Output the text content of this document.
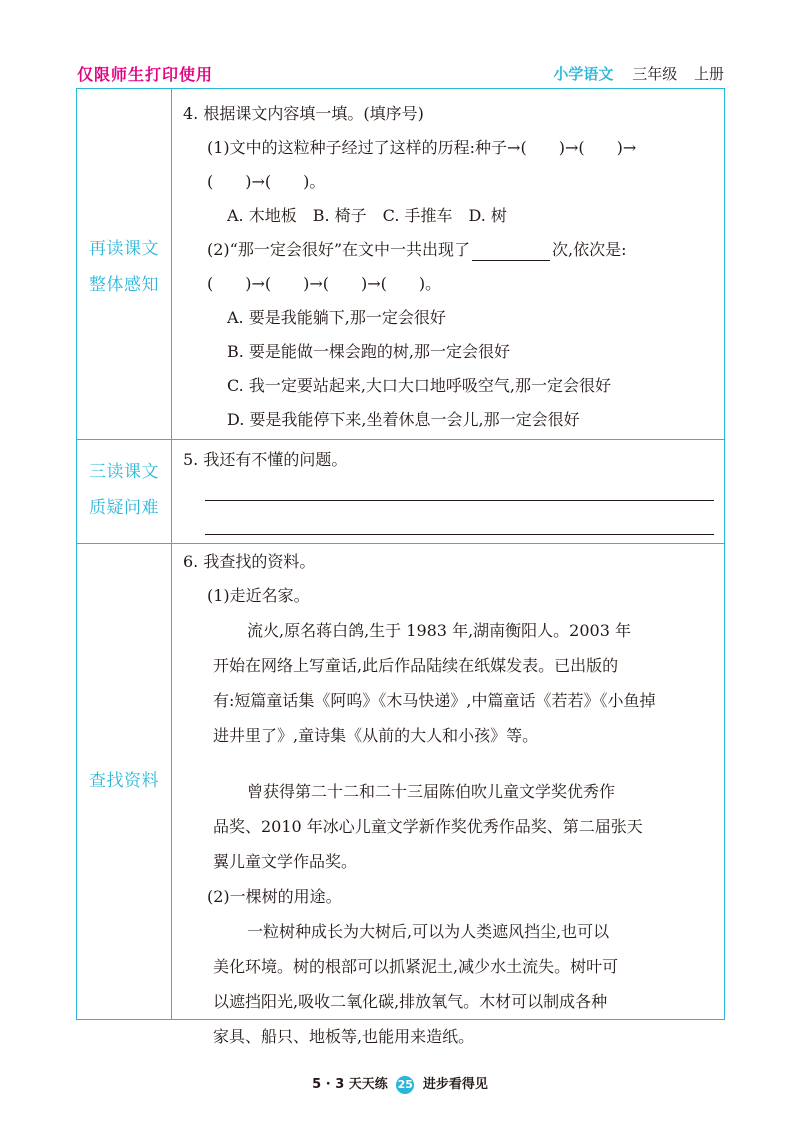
仅限师生打印使用	小学语文 三年级 上册
再读课文
整体感知
三读课文
质疑问难
查找资料
4. 根据课文内容填一填。(填序号)
(1)文中的这粒种子经过了这样的历程:种子→(　　)→(　　)→
(　　)→(　　)。
A. 木地板　B. 椅子　C. 手推车　D. 树
(2)“那一定会很好”在文中一共出现了	次,依次是:
(　　)→(　　)→(　　)→(　　)。
A. 要是我能躺下,那一定会很好
B. 要是能做一棵会跑的树,那一定会很好
C. 我一定要站起来,大口大口地呼吸空气,那一定会很好
D. 要是我能停下来,坐着休息一会儿,那一定会很好
5. 我还有不懂的问题。
6. 我查找的资料。
(1)走近名家。
流火,原名蒋白鸽,生于 1983 年,湖南衡阳人。2003 年
开始在网络上写童话,此后作品陆续在纸媒发表。已出版的
有:短篇童话集《阿呜》《木马快递》,中篇童话《若若》《小鱼掉
进井里了》,童诗集《从前的大人和小孩》等。
曾获得第二十二和二十三届陈伯吹儿童文学奖优秀作
品奖、2010 年冰心儿童文学新作奖优秀作品奖、第二届张天
翼儿童文学作品奖。
(2)一棵树的用途。
一粒树种成长为大树后,可以为人类遮风挡尘,也可以
美化环境。树的根部可以抓紧泥土,减少水土流失。树叶可
以遮挡阳光,吸收二氧化碳,排放氧气。木材可以制成各种
家具、船只、地板等,也能用来造纸。
5 · 3 天天练 25 进步看得见
